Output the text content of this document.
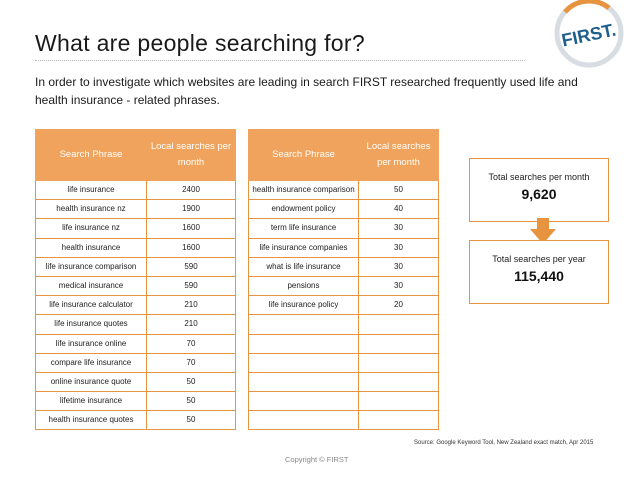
What are people searching for?	FIRST.
In order to investigate which websites are leading in search FIRST researched frequently used life and health insurance - related phrases.
Search Phrase	Local searches per month
life insurance	2400
health insurance nz	1900
life insurance nz	1600
health insurance	1600
life insurance comparison	590
medical insurance	590
life insurance calculator	210
life insurance quotes	210
life insurance online	70
compare life insurance	70
online insurance quote	50
lifetime insurance	50
health insurance quotes	50
Search Phrase	Local searches per month
health insurance comparison	50
endowment policy	40
term life insurance	30
life insurance companies	30
what is life insurance	30
pensions	30
life insurance policy	20

Total searches per month
9,620
Total searches per year
115,440
Source: Google Keyword Tool, New Zealand exact match, Apr 2015
Copyright © FIRST
